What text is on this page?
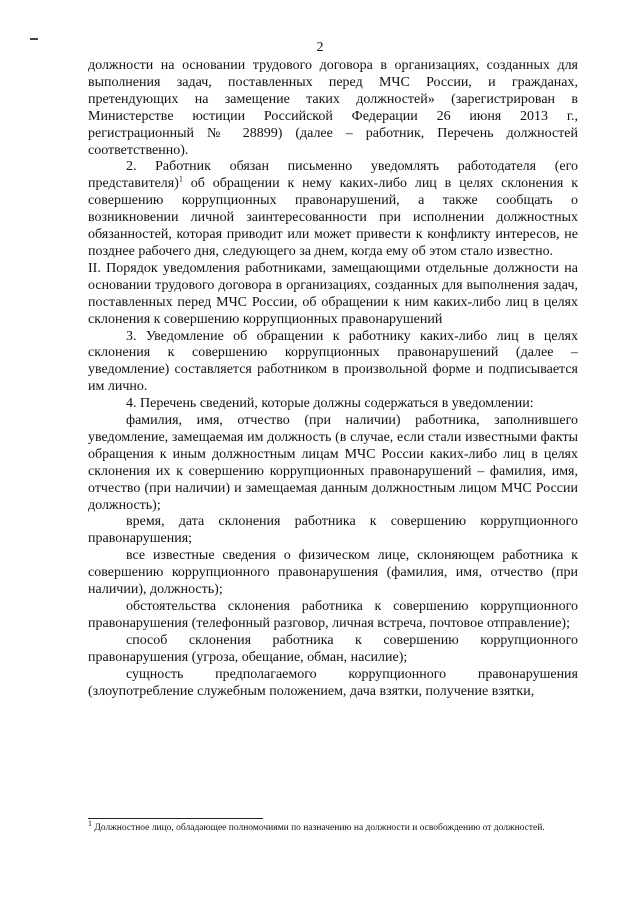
2

должности на основании трудового договора в организациях, созданных для выполнения задач, поставленных перед МЧС России, и гражданах, претендующих на замещение таких должностей» (зарегистрирован в Министерстве юстиции Российской Федерации 26 июня 2013 г., регистрационный № 28899) (далее – работник, Перечень должностей соответственно).

2. Работник обязан письменно уведомлять работодателя (его представителя)$^1$ об обращении к нему каких-либо лиц в целях склонения к совершению коррупционных правонарушений, а также сообщать о возникновении личной заинтересованности при исполнении должностных обязанностей, которая приводит или может привести к конфликту интересов, не позднее рабочего дня, следующего за днем, когда ему об этом стало известно.

II. Порядок уведомления работниками, замещающими отдельные должности на основании трудового договора в организациях, созданных для выполнения задач, поставленных перед МЧС России, об обращении к ним каких-либо лиц в целях склонения к совершению коррупционных правонарушений

3. Уведомление об обращении к работнику каких-либо лиц в целях склонения к совершению коррупционных правонарушений (далее – уведомление) составляется работником в произвольной форме и подписывается им лично.

4. Перечень сведений, которые должны содержаться в уведомлении:

фамилия, имя, отчество (при наличии) работника, заполнившего уведомление, замещаемая им должность (в случае, если стали известными факты обращения к иным должностным лицам МЧС России каких-либо лиц в целях склонения их к совершению коррупционных правонарушений – фамилия, имя, отчество (при наличии) и замещаемая данным должностным лицом МЧС России должность);

время, дата склонения работника к совершению коррупционного правонарушения;

все известные сведения о физическом лице, склоняющем работника к совершению коррупционного правонарушения (фамилия, имя, отчество (при наличии), должность);

обстоятельства склонения работника к совершению коррупционного правонарушения (телефонный разговор, личная встреча, почтовое отправление);

способ склонения работника к совершению коррупционного правонарушения (угроза, обещание, обман, насилие);

сущность предполагаемого коррупционного правонарушения (злоупотребление служебным положением, дача взятки, получение взятки,

$^1$ Должностное лицо, обладающее полномочиями по назначению на должности и освобождению от должностей.
